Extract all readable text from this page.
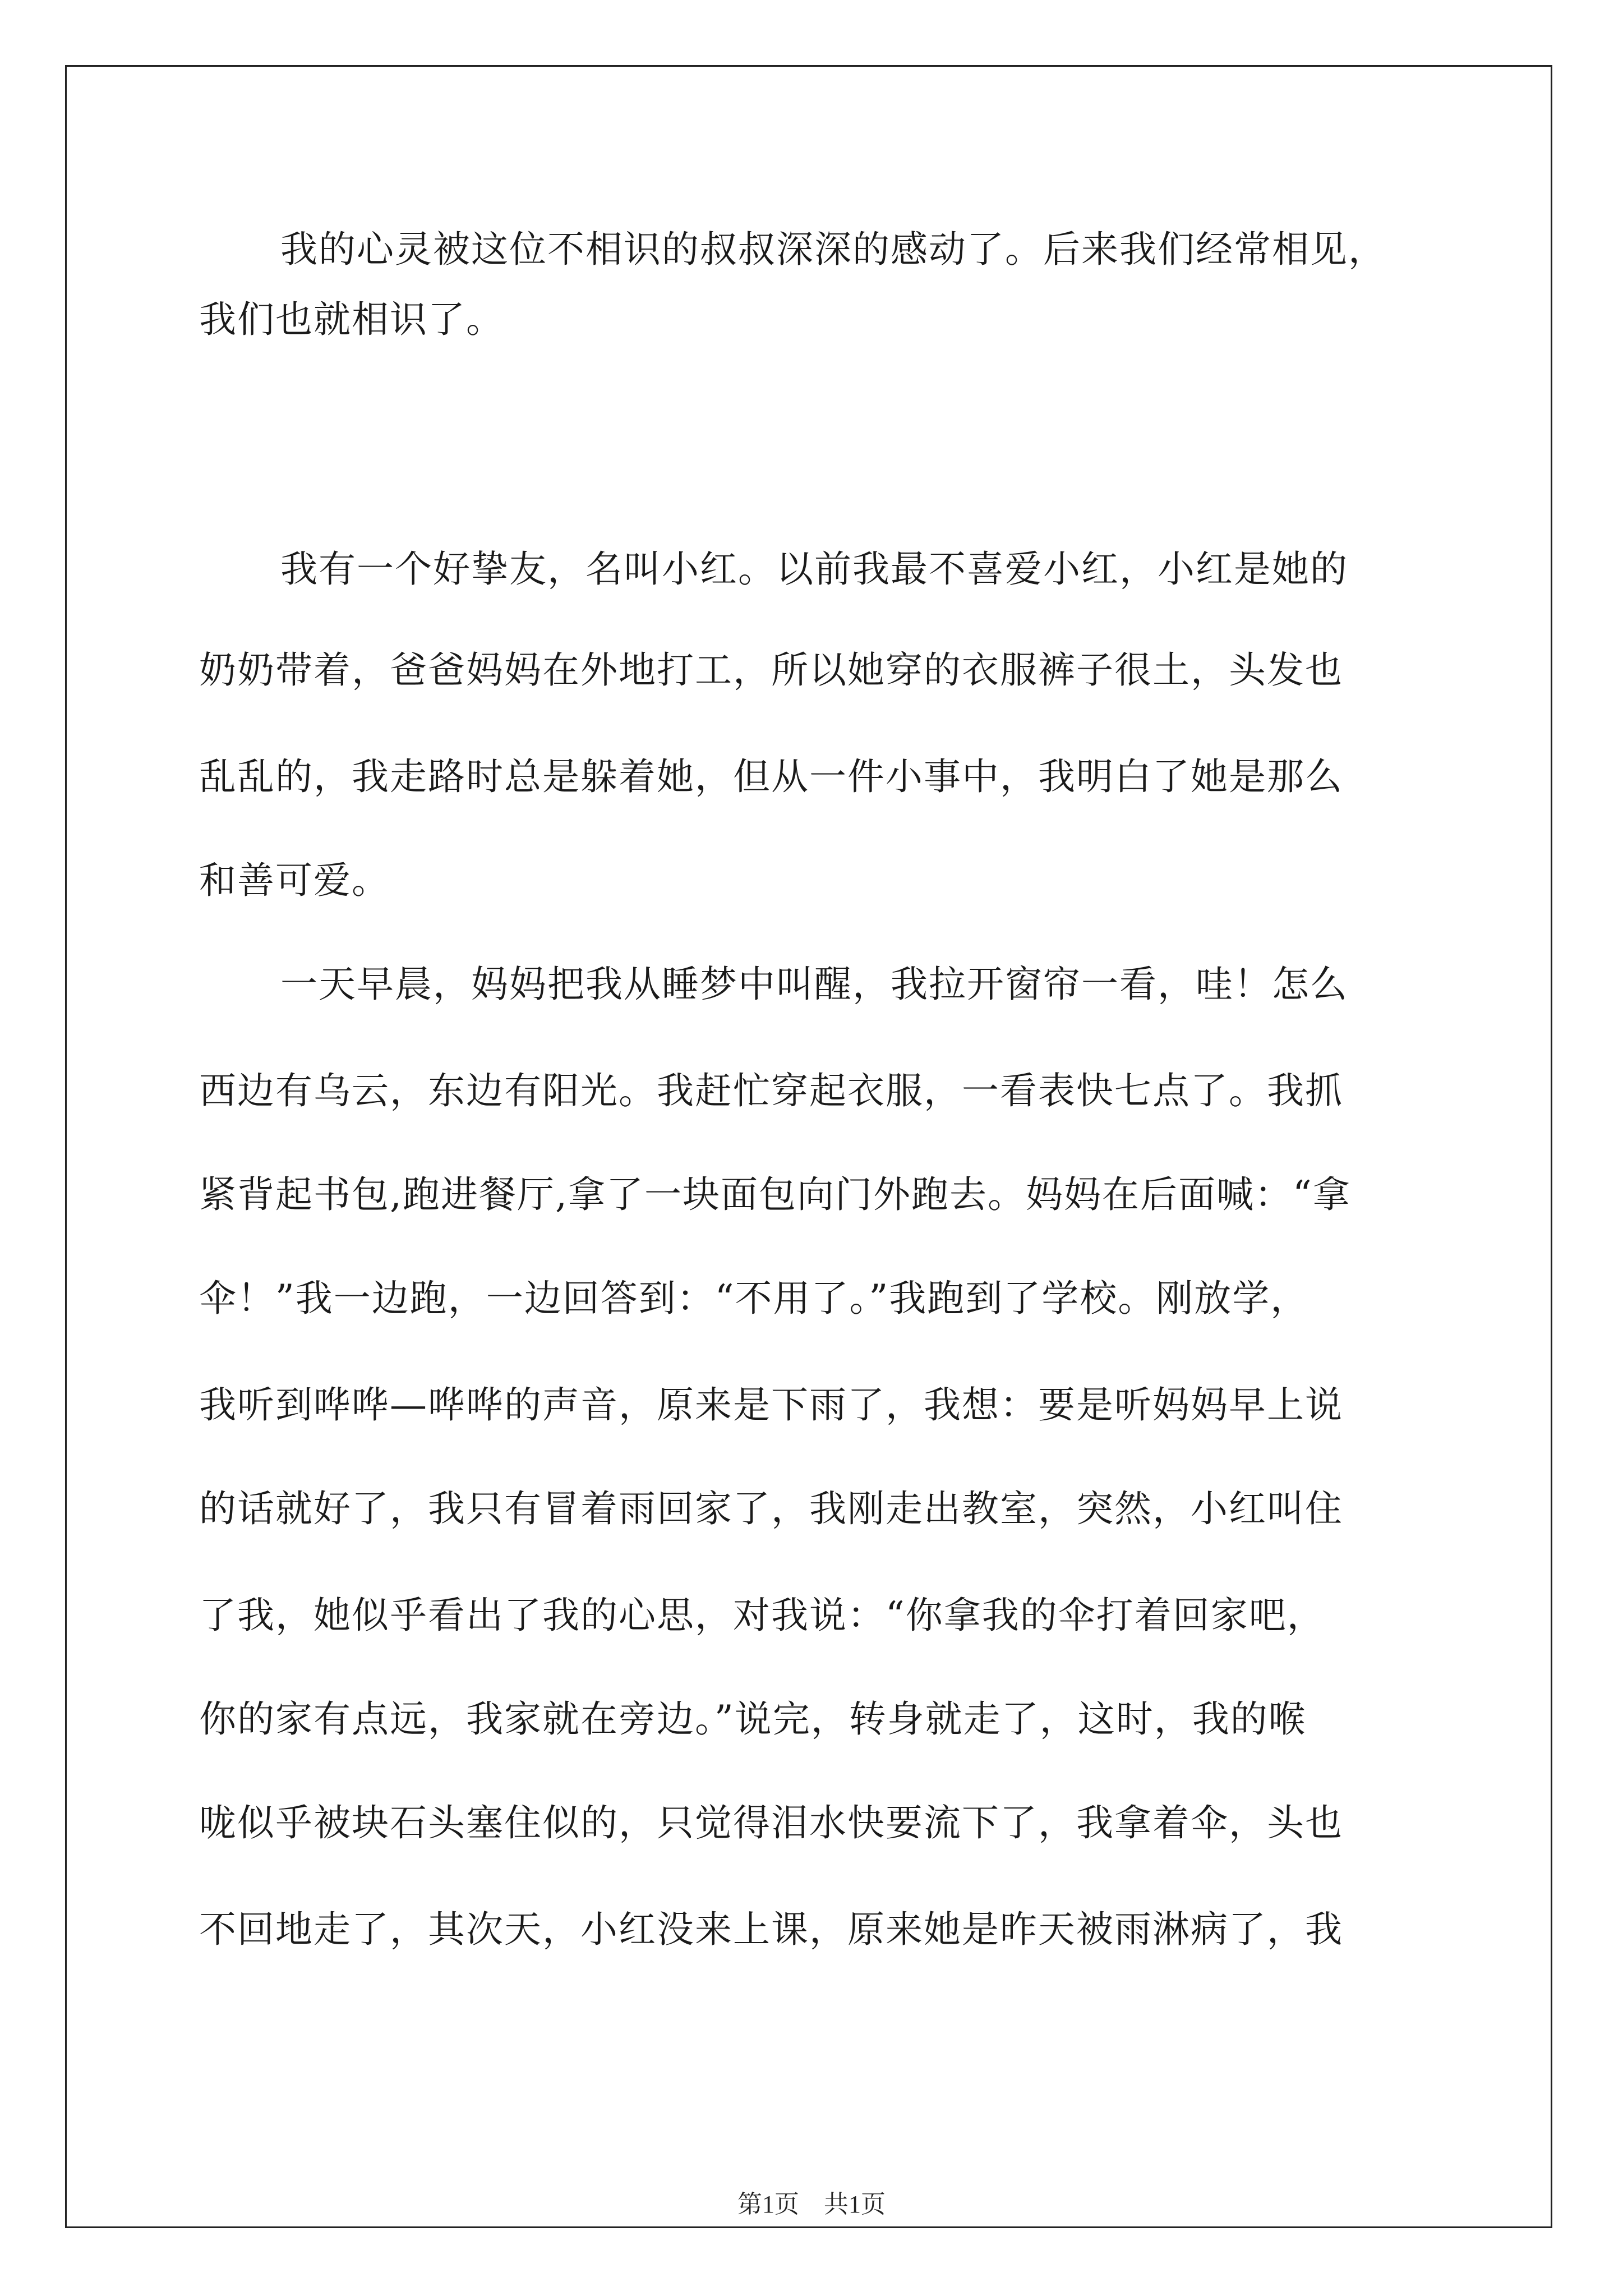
我的心灵被这位不相识的叔叔深深的感动了。后来我们经常相见，
我们也就相识了。
我有一个好挚友，名叫小红。以前我最不喜爱小红，小红是她的
奶奶带着，爸爸妈妈在外地打工，所以她穿的衣服裤子很土，头发也
乱乱的，我走路时总是躲着她，但从一件小事中，我明白了她是那么
和善可爱。
一天早晨，妈妈把我从睡梦中叫醒，我拉开窗帘一看，哇！怎么
西边有乌云，东边有阳光。我赶忙穿起衣服，一看表快七点了。我抓
紧背起书包,跑进餐厅,拿了一块面包向门外跑去。妈妈在后面喊：“拿
伞！”我一边跑，一边回答到：“不用了。”我跑到了学校。刚放学，
我听到哗哗—哗哗的声音，原来是下雨了，我想：要是听妈妈早上说
的话就好了，我只有冒着雨回家了，我刚走出教室，突然，小红叫住
了我，她似乎看出了我的心思，对我说：“你拿我的伞打着回家吧，
你的家有点远，我家就在旁边。”说完，转身就走了，这时，我的喉
咙似乎被块石头塞住似的，只觉得泪水快要流下了，我拿着伞，头也
不回地走了，其次天，小红没来上课，原来她是昨天被雨淋病了，我
第1页　共1页
